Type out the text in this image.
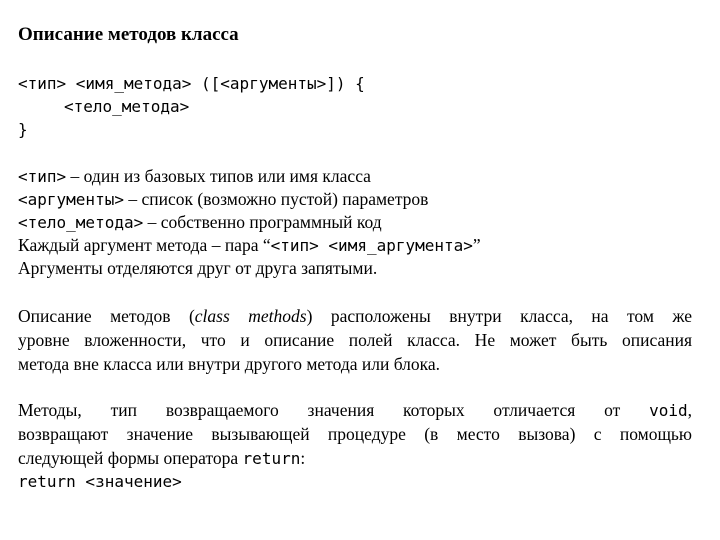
Описание методов класса
<тип> <имя_метода> ([<аргументы>]) {
<тело_метода>
}
<тип> – один из базовых типов или имя класса
<аргументы> – список (возможно пустой) параметров
<тело_метода> – собственно программный код
Каждый аргумент метода – пара “<тип> <имя_аргумента>”
Аргументы отделяются друг от друга запятыми.
Описание методов (class methods) расположены внутри класса, на том же
уровне вложенности, что и описание полей класса. Не может быть описания
метода вне класса или внутри другого метода или блока.
Методы, тип возвращаемого значения которых отличается от void,
возвращают значение вызывающей процедуре (в место вызова) с помощью
следующей формы оператора return:
return <значение>
